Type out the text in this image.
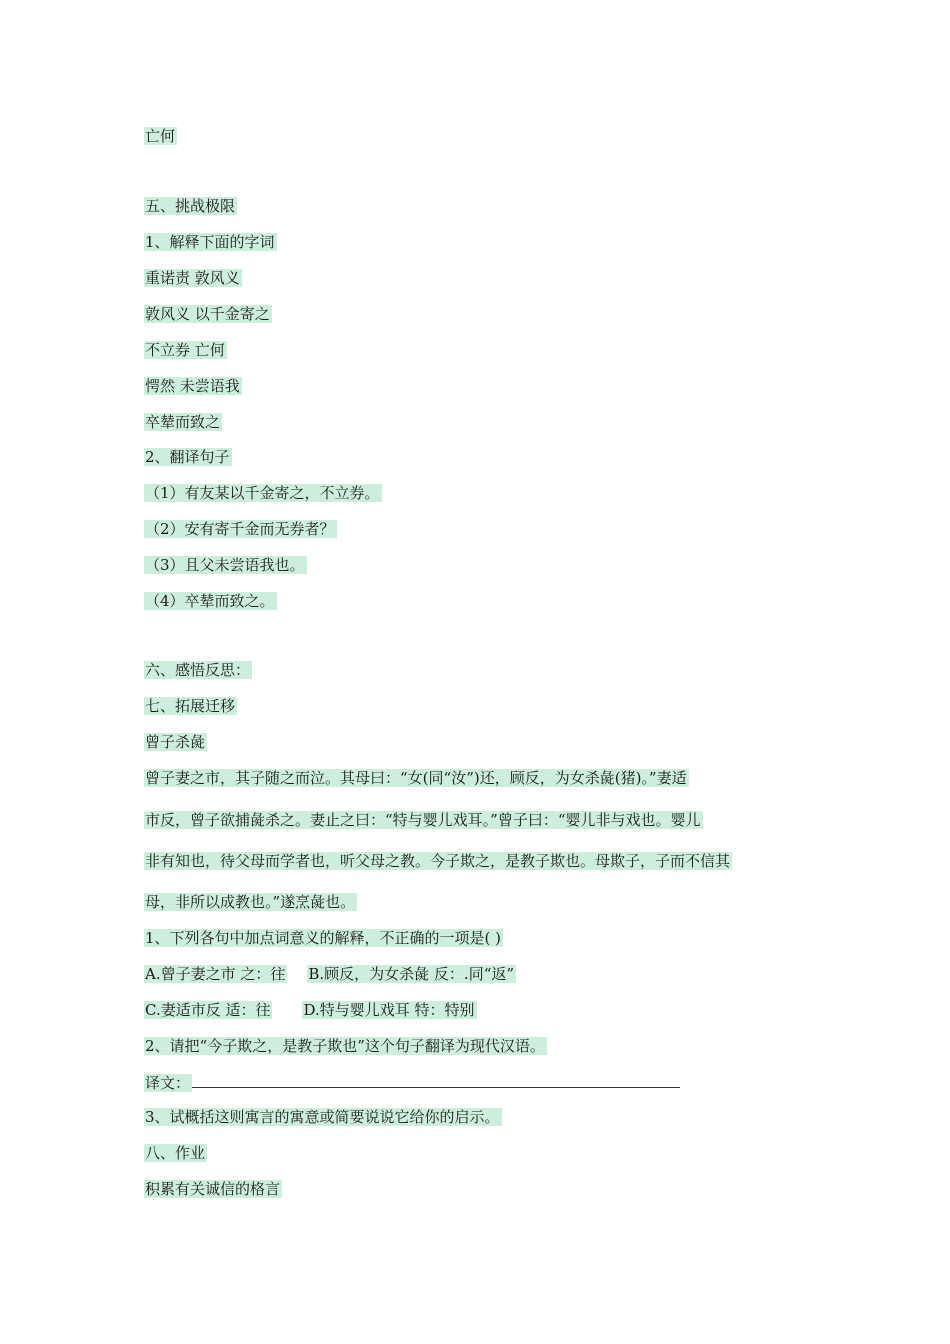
亡何
五、挑战极限
1、解释下面的字词
重诺责 敦风义
敦风义 以千金寄之
不立券 亡何
愕然 未尝语我
卒辇而致之
2、翻译句子
（1）有友某以千金寄之，不立券。
（2）安有寄千金而无券者？
（3）且父未尝语我也。
（4）卒辇而致之。
六、感悟反思：
七、拓展迁移
曾子杀彘
曾子妻之市，其子随之而泣。其母曰：“女(同“汝”)还，顾反，为女杀彘(猪)。”妻适
市反，曾子欲捕彘杀之。妻止之曰：“特与婴儿戏耳。”曾子曰：“婴儿非与戏也。婴儿
非有知也，待父母而学者也，听父母之教。今子欺之，是教子欺也。母欺子，子而不信其
母，非所以成教也。”遂烹彘也。
1、下列各句中加点词意义的解释，不正确的一项是( )
A.曾子妻之市 之：往 B.顾反，为女杀彘 反：.同“返”
C.妻适市反 适：往 D.特与婴儿戏耳 特：特别
2、请把“今子欺之，是教子欺也”这个句子翻译为现代汉语。
译文：
3、试概括这则寓言的寓意或简要说说它给你的启示。
八、作业
积累有关诚信的格言
